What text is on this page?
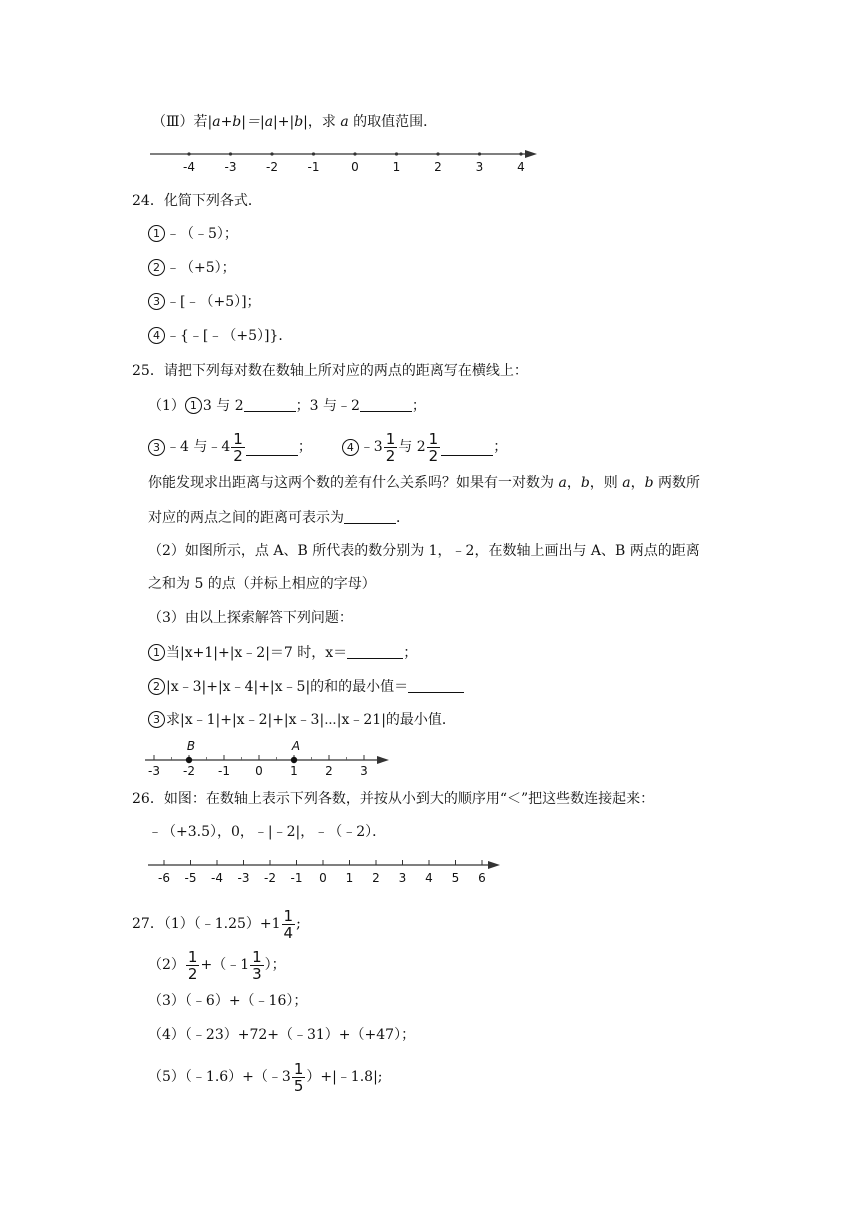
（Ⅲ）若|a+b|＝|a|+|b|，求 a 的取值范围．
-4 -3 -2 -1	0	1	2	3	4
24．化简下列各式．
1 ﹣（﹣5）；
2 ﹣（+5）；
3 ﹣[﹣（+5）]；
4 ﹣{﹣[﹣（+5）]}．
25．请把下列每对数在数轴上所对应的两点的距离写在横线上：
（1） 1 3 与 2	；3 与﹣2	；
3 ﹣4 与﹣4 $\frac{1}{2}$	；	4 ﹣3 $\frac{1}{2}$ 与 $2 \frac{1}{2}$	；
你能发现求出距离与这两个数的差有什么关系吗？如果有一对数为 a，b，则 a，b 两数所
对应的两点之间的距离可表示为	．
（2）如图所示，点 A、B 所代表的数分别为 1，﹣2，在数轴上画出与 A、B 两点的距离
之和为 5 的点（并标上相应的字母）
（3）由以上探索解答下列问题：
1 当|x+1|+|x﹣2|＝7 时，x＝	；
2 |x﹣3|+|x﹣4|+|x﹣5|的和的最小值＝
3 求|x﹣1|+|x﹣2|+|x﹣3|⋯|x﹣21|的最小值．
-3 -2 -1 0 1 2 3
B	A
26．如图：在数轴上表示下列各数，并按从小到大的顺序用“＜”把这些数连接起来：
﹣（+3.5），0，﹣|﹣2|，﹣（﹣2）．
-6 -5 -4 -3 -2 -1 0 1 2 3 4 5 6
27．（1）（﹣1.25）+1 $\frac{1}{4}$ ;
$(2) \frac{1}{2}$ +（﹣1 $\frac{1}{3}$ ）；
（3）（﹣6）+（﹣16）；
（4）（﹣23）+72+（﹣31）+（+47）；
（5）（﹣1.6）+（﹣3 $\frac{1}{5}$ ）+|﹣1.8|;
